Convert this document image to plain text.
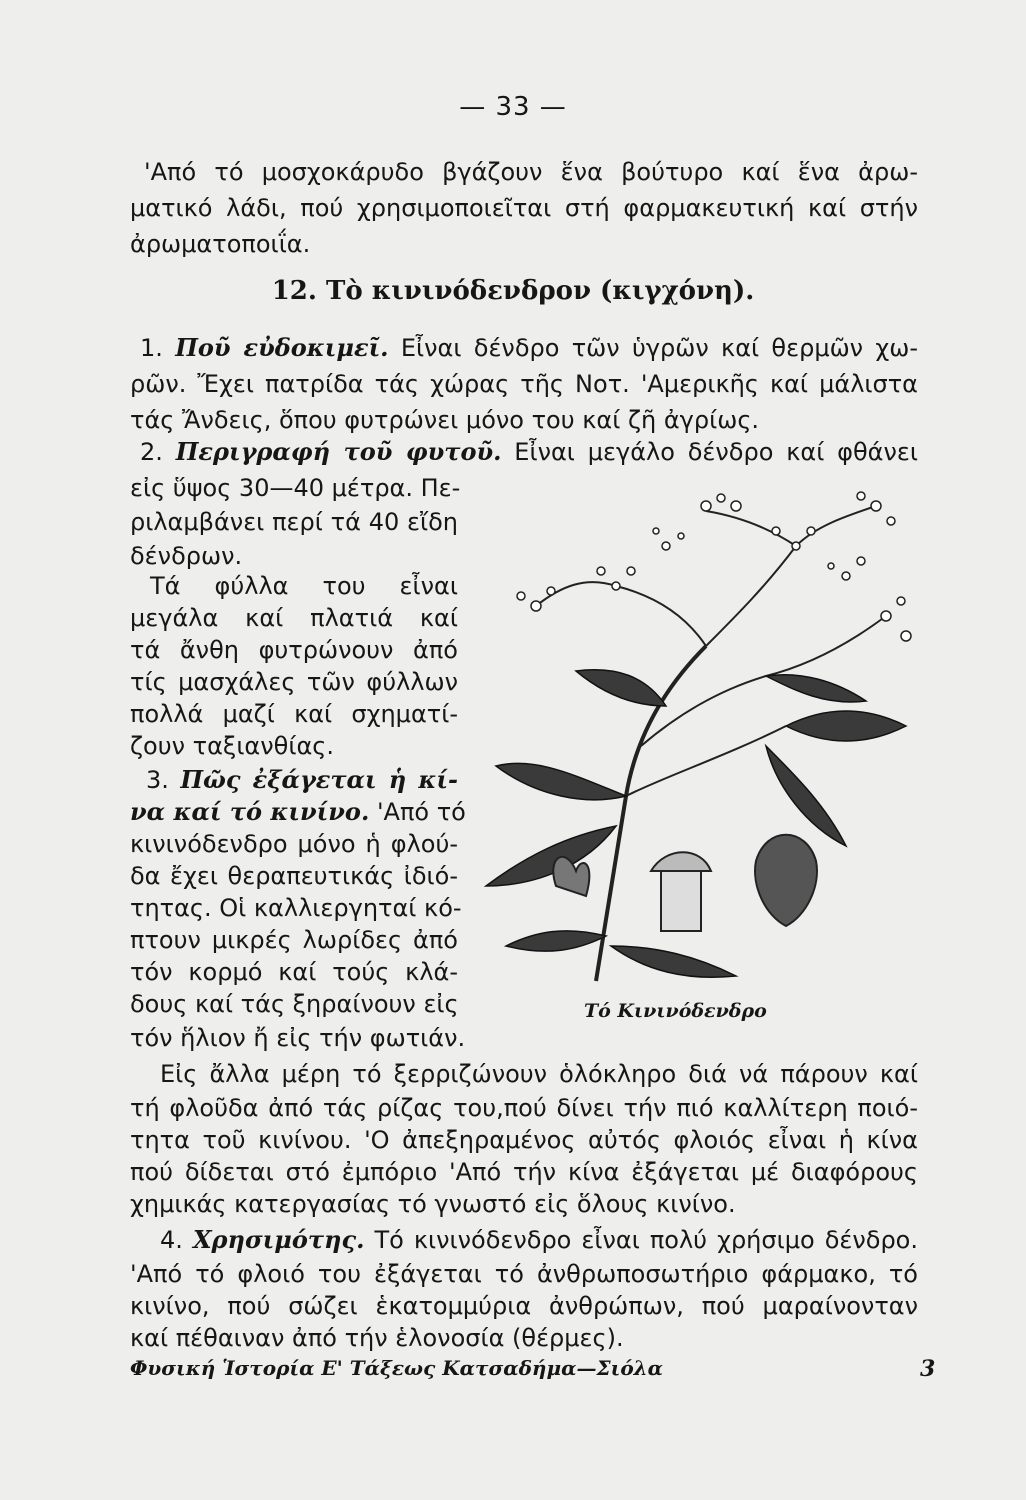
— 33 —
'Από τό μοσχοκάρυδο βγάζουν ἕνα βούτυρο καί ἕνα ἀρω-
ματικό λάδι, πού χρησιμοποιεῖται στή φαρμακευτική καί στήν
ἀρωματοποιΐα.
12. Τὸ κινινόδενδρον (κιγχόνη).
1. Ποῦ εὐδοκιμεῖ. Εἶναι δένδρο τῶν ὑγρῶν καί θερμῶν χω-
ρῶν. Ἔχει πατρίδα τάς χώρας τῆς Νοτ. 'Αμερικῆς καί μάλιστα
τάς Ἄνδεις, ὅπου φυτρώνει μόνο του καί ζῆ ἀγρίως.
2. Περιγραφή τοῦ φυτοῦ. Εἶναι μεγάλο δένδρο καί φθάνει
εἰς ὕψος 30—40 μέτρα. Πε-
ριλαμβάνει περί τά 40 εἴδη
δένδρων.
Τά φύλλα του εἶναι
μεγάλα καί πλατιά καί
τά ἄνθη φυτρώνουν ἀπό
τίς μασχάλες τῶν φύλλων
πολλά μαζί καί σχηματί-
ζουν ταξιανθίας.
3. Πῶς ἐξάγεται ἡ κί-
να καί τό κινίνο. 'Από τό
κινινόδενδρο μόνο ἡ φλού-
δα ἔχει θεραπευτικάς ἰδιό-
τητας. Οἱ καλλιεργηταί κό-
πτουν μικρές λωρίδες ἀπό
τόν κορμό καί τούς κλά-
δους καί τάς ξηραίνουν εἰς
τόν ἥλιον ἤ εἰς τήν φωτιάν.
Εἰς ἄλλα μέρη τό ξερριζώνουν ὁλόκληρο διά νά πάρουν καί
τή φλοῦδα ἀπό τάς ρίζας του,πού δίνει τήν πιό καλλίτερη ποιό-
τητα τοῦ κινίνου. 'Ο ἀπεξηραμένος αὐτός φλοιός εἶναι ἡ κίνα
πού δίδεται στό ἐμπόριο 'Από τήν κίνα ἐξάγεται μέ διαφόρους
χημικάς κατεργασίας τό γνωστό εἰς ὅλους κινίνο.
4. Χρησιμότης. Τό κινινόδενδρο εἶναι πολύ χρήσιμο δένδρο.
'Από τό φλοιό του ἐξάγεται τό ἀνθρωποσωτήριο φάρμακο, τό
κινίνο, πού σώζει ἑκατομμύρια ἀνθρώπων, πού μαραίνονταν
καί πέθαιναν ἀπό τήν ἑλονοσία (θέρμες).
Τό Κινινόδενδρο
Φυσική Ἱστορία Ε' Τάξεως Κατσαδήμα—Σιόλα	3
